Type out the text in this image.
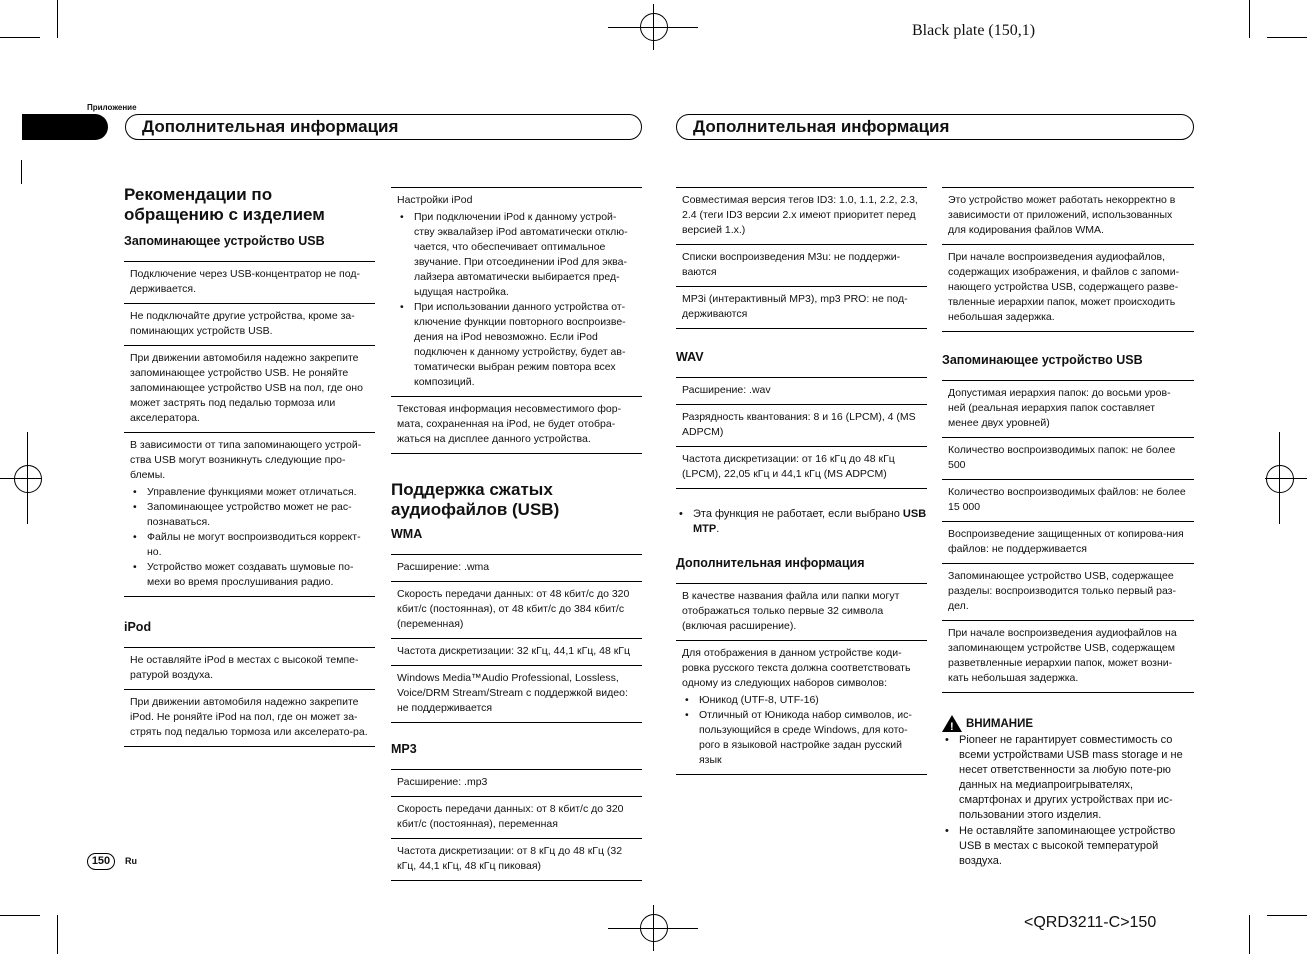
Black plate (150,1)
Приложение
Дополнительная информация	Дополнительная информация
Рекомендации по обращению с изделием
Запоминающее устройство USB
Подключение через USB-концентратор не под-держивается.
Не подключайте другие устройства, кроме за-поминающих устройств USB.
При движении автомобиля надежно закрепите запоминающее устройство USB. Не роняйте запоминающее устройство USB на пол, где оно может застрять под педалью тормоза или акселератора.
В зависимости от типа запоминающего устрой-ства USB могут возникнуть следующие про-блемы.
• Управление функциями может отличаться.
• Запоминающее устройство может не рас-познаваться.
• Файлы не могут воспроизводиться коррект-но.
• Устройство может создавать шумовые по-мехи во время прослушивания радио.
iPod
Не оставляйте iPod в местах с высокой темпе-ратурой воздуха.
При движении автомобиля надежно закрепите iPod. Не роняйте iPod на пол, где он может за-стрять под педалью тормоза или акселерато-ра.
Настройки iPod
• При подключении iPod к данному устрой-ству эквалайзер iPod автоматически отклю-чается, что обеспечивает оптимальное звучание. При отсоединении iPod для эква-лайзера автоматически выбирается пред-ыдущая настройка.
• При использовании данного устройства от-ключение функции повторного воспроизве-дения на iPod невозможно. Если iPod подключен к данному устройству, будет ав-томатически выбран режим повтора всех композиций.
Текстовая информация несовместимого фор-мата, сохраненная на iPod, не будет отобра-жаться на дисплее данного устройства.
Поддержка сжатых аудиофайлов (USB)
WMA
Расширение: .wma
Скорость передачи данных: от 48 кбит/с до 320 кбит/с (постоянная), от 48 кбит/с до 384 кбит/с (переменная)
Частота дискретизации: 32 кГц, 44,1 кГц, 48 кГц
Windows Media™Audio Professional, Lossless, Voice/DRM Stream/Stream с поддержкой видео: не поддерживается
MP3
Расширение: .mp3
Скорость передачи данных: от 8 кбит/с до 320 кбит/с (постоянная), переменная
Частота дискретизации: от 8 кГц до 48 кГц (32 кГц, 44,1 кГц, 48 кГц пиковая)
Совместимая версия тегов ID3: 1.0, 1.1, 2.2, 2.3, 2.4 (теги ID3 версии 2.x имеют приоритет перед версией 1.x.)
Списки воспроизведения M3u: не поддержи-ваются
MP3i (интерактивный MP3), mp3 PRO: не под-держиваются
WAV
Расширение: .wav
Разрядность квантования: 8 и 16 (LPCM), 4 (MS ADPCM)
Частота дискретизации: от 16 кГц до 48 кГц (LPCM), 22,05 кГц и 44,1 кГц (MS ADPCM)
• Эта функция не работает, если выбрано USB MTP.
Дополнительная информация
В качестве названия файла или папки могут отображаться только первые 32 символа (включая расширение).
Для отображения в данном устройстве коди-ровка русского текста должна соответствовать одному из следующих наборов символов:
• Юникод (UTF-8, UTF-16)
• Отличный от Юникода набор символов, ис-пользующийся в среде Windows, для кото-рого в языковой настройке задан русский язык
Это устройство может работать некорректно в зависимости от приложений, использованных для кодирования файлов WMA.
При начале воспроизведения аудиофайлов, содержащих изображения, и файлов с запоми-нающего устройства USB, содержащего разве-твленные иерархии папок, может происходить небольшая задержка.
Запоминающее устройство USB
Допустимая иерархия папок: до восьми уров-ней (реальная иерархия папок составляет менее двух уровней)
Количество воспроизводимых папок: не более 500
Количество воспроизводимых файлов: не более 15 000
Воспроизведение защищенных от копирова-ния файлов: не поддерживается
Запоминающее устройство USB, содержащее разделы: воспроизводится только первый раз-дел.
При начале воспроизведения аудиофайлов на запоминающем устройстве USB, содержащем разветвленные иерархии папок, может возни-кать небольшая задержка.
! ВНИМАНИЕ
• Pioneer не гарантирует совместимость со всеми устройствами USB mass storage и не несет ответственности за любую поте-рю данных на медиапроигрывателях, смартфонах и других устройствах при ис-пользовании этого изделия.
• Не оставляйте запоминающее устройство USB в местах с высокой температурой воздуха.
150	Ru
<QRD3211-C>150
